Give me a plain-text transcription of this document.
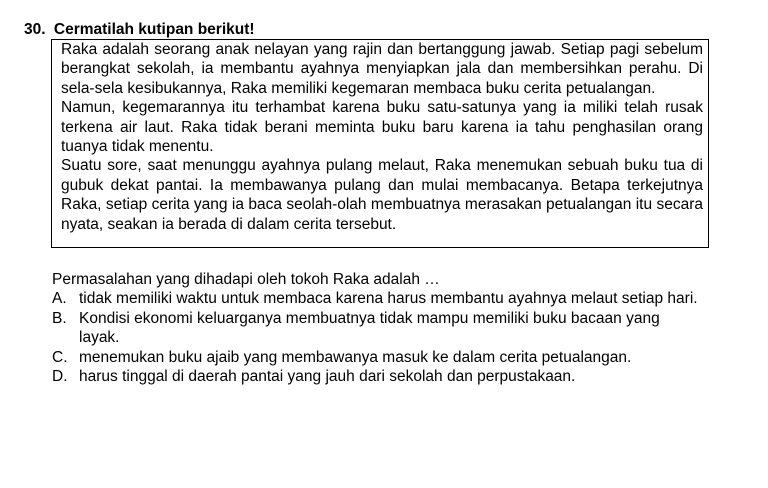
30. Cermatilah kutipan berikut!

Raka adalah seorang anak nelayan yang rajin dan bertanggung jawab. Setiap pagi sebelum berangkat sekolah, ia membantu ayahnya menyiapkan jala dan membersihkan perahu. Di sela-sela kesibukannya, Raka memiliki kegemaran membaca buku cerita petualangan.

Namun, kegemarannya itu terhambat karena buku satu-satunya yang ia miliki telah rusak terkena air laut. Raka tidak berani meminta buku baru karena ia tahu penghasilan orang tuanya tidak menentu.

Suatu sore, saat menunggu ayahnya pulang melaut, Raka menemukan sebuah buku tua di gubuk dekat pantai. Ia membawanya pulang dan mulai membacanya. Betapa terkejutnya Raka, setiap cerita yang ia baca seolah-olah membuatnya merasakan petualangan itu secara nyata, seakan ia berada di dalam cerita tersebut.

Permasalahan yang dihadapi oleh tokoh Raka adalah …
A. tidak memiliki waktu untuk membaca karena harus membantu ayahnya melaut setiap hari.
B. Kondisi ekonomi keluarganya membuatnya tidak mampu memiliki buku bacaan yang layak.
C. menemukan buku ajaib yang membawanya masuk ke dalam cerita petualangan.
D. harus tinggal di daerah pantai yang jauh dari sekolah dan perpustakaan.
